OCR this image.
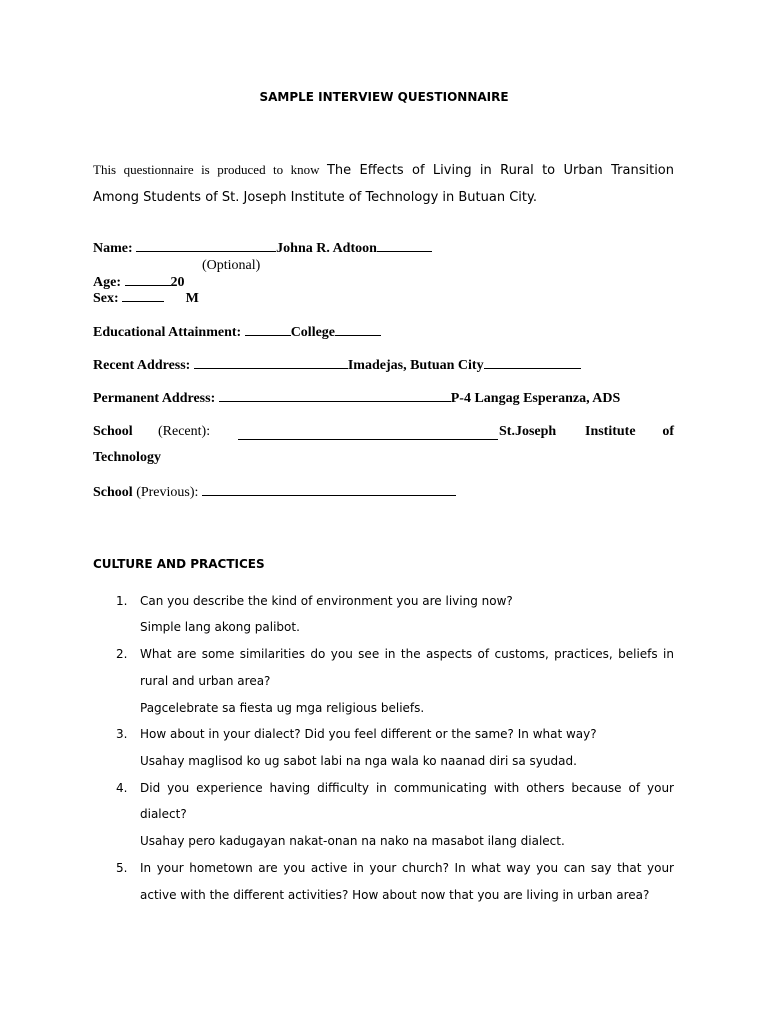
SAMPLE INTERVIEW QUESTIONNAIRE
This questionnaire is produced to know The Effects of Living in Rural to Urban Transition
Among Students of St. Joseph Institute of Technology in Butuan City.
Name:	Johna R. Adtoon
(Optional)
Age:	20
Sex:	M
Educational Attainment:	College
Recent Address:	Imadejas, Butuan City
Permanent Address:	P-4 Langag Esperanza, ADS
School (Recent):	St.Joseph Institute of
Technology
School (Previous):
CULTURE AND PRACTICES
1. Can you describe the kind of environment you are living now?
Simple lang akong palibot.
2. What are some similarities do you see in the aspects of customs, practices, beliefs in
rural and urban area?
Pagcelebrate sa fiesta ug mga religious beliefs.
3. How about in your dialect? Did you feel different or the same? In what way?
Usahay maglisod ko ug sabot labi na nga wala ko naanad diri sa syudad.
4. Did you experience having difficulty in communicating with others because of your
dialect?
Usahay pero kadugayan nakat-onan na nako na masabot ilang dialect.
5. In your hometown are you active in your church? In what way you can say that your
active with the different activities? How about now that you are living in urban area?
